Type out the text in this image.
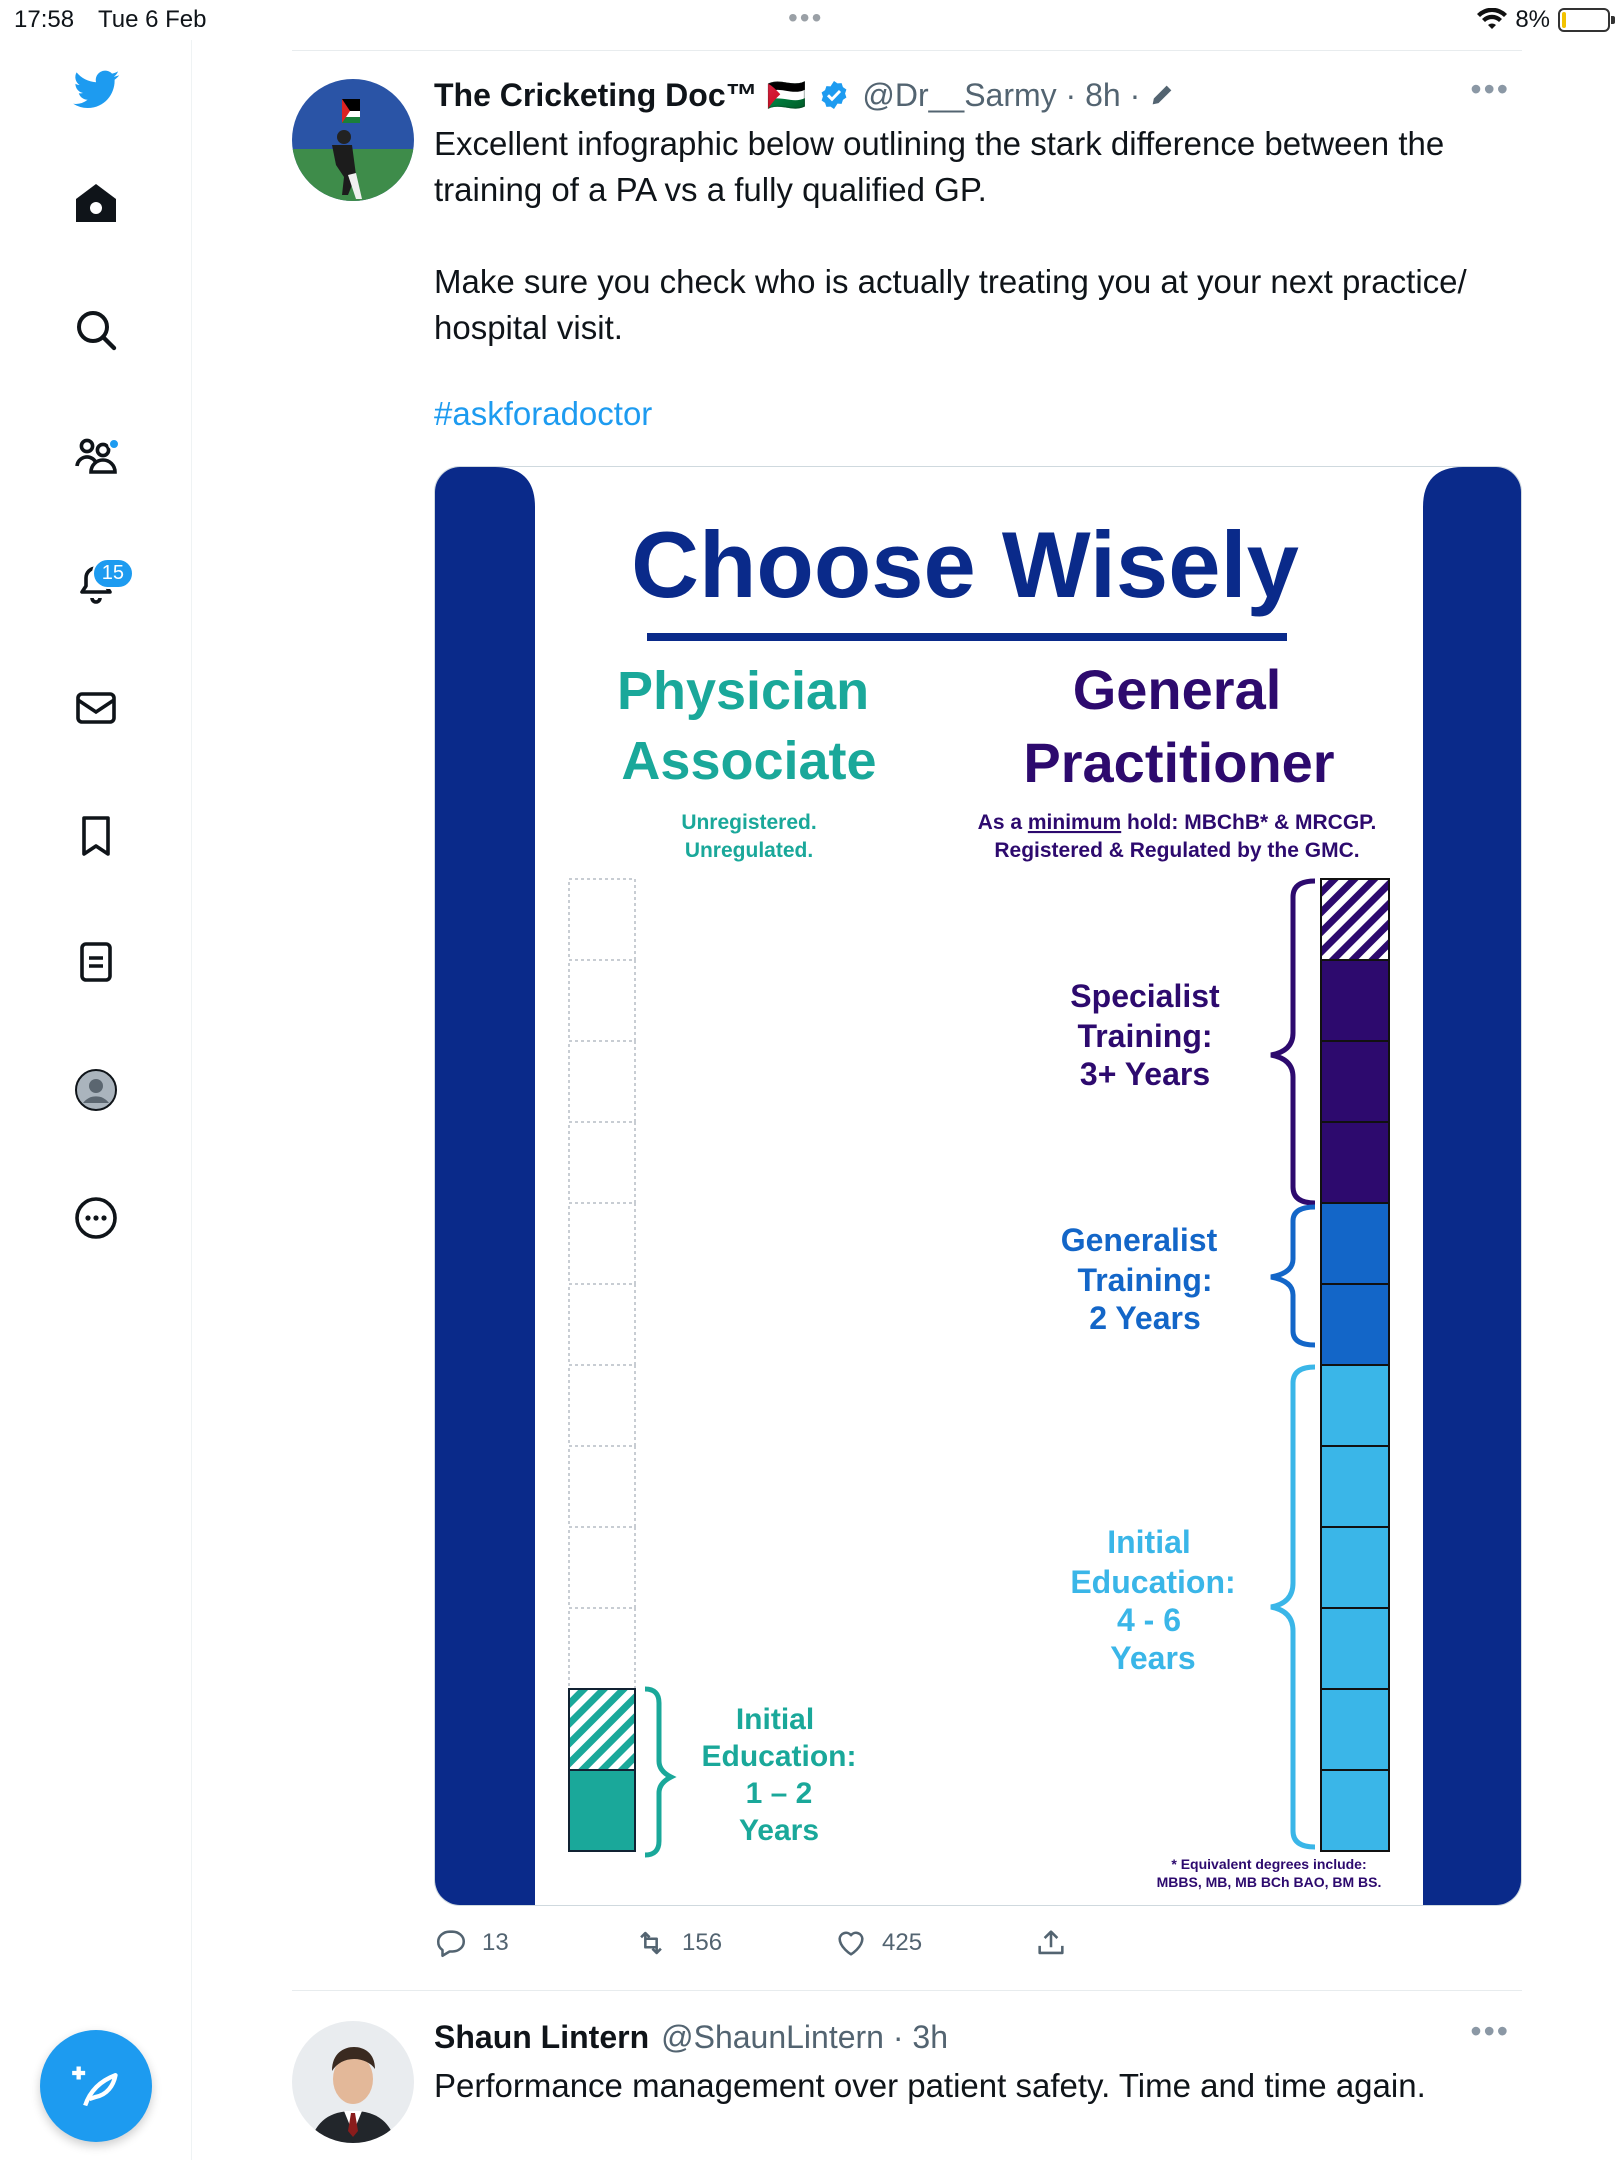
17:58 Tue 6 Feb	•••	8%
15
The Cricketing Doc™ 🇵🇸 @Dr__Sarmy · 8h ·	•••

Excellent infographic below outlining the stark difference between the training of a PA vs a fully qualified GP.

Make sure you check who is actually treating you at your next practice/ hospital visit.

#askforadoctor

Choose Wisely
Physician
Associate
General
Practitioner
Unregistered.
Unregulated.
As a minimum hold: MBChB* & MRCGP.
Registered & Regulated by the GMC.
Initial
Education:
1 – 2
Years
Specialist
Training:
3+ Years
Generalist
Training:
2 Years
Initial
Education:
4 - 6
Years
* Equivalent degrees include:
MBBS, MB, MB BCh BAO, BM BS.
13	156	425
Shaun Lintern @ShaunLintern · 3h	•••

Performance management over patient safety. Time and time again.
